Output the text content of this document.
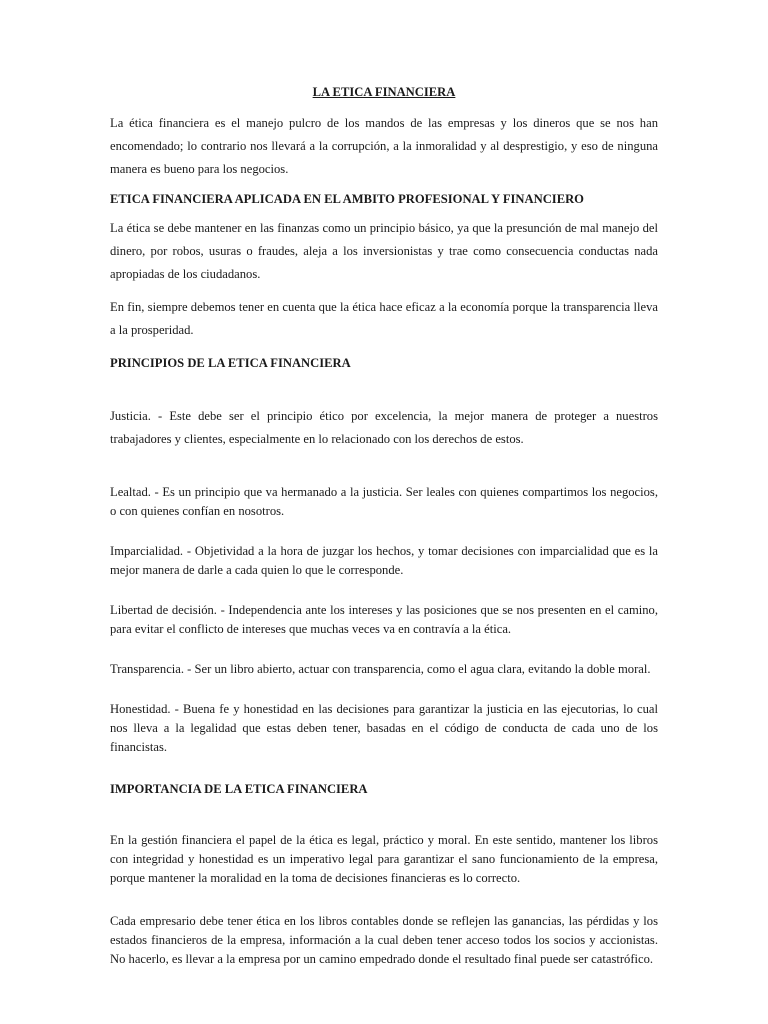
LA ETICA FINANCIERA

La ética financiera es el manejo pulcro de los mandos de las empresas y los dineros que se nos han encomendado; lo contrario nos llevará a la corrupción, a la inmoralidad y al desprestigio, y eso de ninguna manera es bueno para los negocios.

ETICA FINANCIERA APLICADA EN EL AMBITO PROFESIONAL Y FINANCIERO

La ética se debe mantener en las finanzas como un principio básico, ya que la presunción de mal manejo del dinero, por robos, usuras o fraudes, aleja a los inversionistas y trae como consecuencia conductas nada apropiadas de los ciudadanos.

En fin, siempre debemos tener en cuenta que la ética hace eficaz a la economía porque la transparencia lleva a la prosperidad.

PRINCIPIOS DE LA ETICA FINANCIERA

Justicia. - Este debe ser el principio ético por excelencia, la mejor manera de proteger a nuestros trabajadores y clientes, especialmente en lo relacionado con los derechos de estos.

Lealtad. - Es un principio que va hermanado a la justicia. Ser leales con quienes compartimos los negocios, o con quienes confían en nosotros.

Imparcialidad. - Objetividad a la hora de juzgar los hechos, y tomar decisiones con imparcialidad que es la mejor manera de darle a cada quien lo que le corresponde.

Libertad de decisión. - Independencia ante los intereses y las posiciones que se nos presenten en el camino, para evitar el conflicto de intereses que muchas veces va en contravía a la ética.

Transparencia. - Ser un libro abierto, actuar con transparencia, como el agua clara, evitando la doble moral.

Honestidad. - Buena fe y honestidad en las decisiones para garantizar la justicia en las ejecutorias, lo cual nos lleva a la legalidad que estas deben tener, basadas en el código de conducta de cada uno de los financistas.

IMPORTANCIA DE LA ETICA FINANCIERA

En la gestión financiera el papel de la ética es legal, práctico y moral. En este sentido, mantener los libros con integridad y honestidad es un imperativo legal para garantizar el sano funcionamiento de la empresa, porque mantener la moralidad en la toma de decisiones financieras es lo correcto.

Cada empresario debe tener ética en los libros contables donde se reflejen las ganancias, las pérdidas y los estados financieros de la empresa, información a la cual deben tener acceso todos los socios y accionistas. No hacerlo, es llevar a la empresa por un camino empedrado donde el resultado final puede ser catastrófico.
